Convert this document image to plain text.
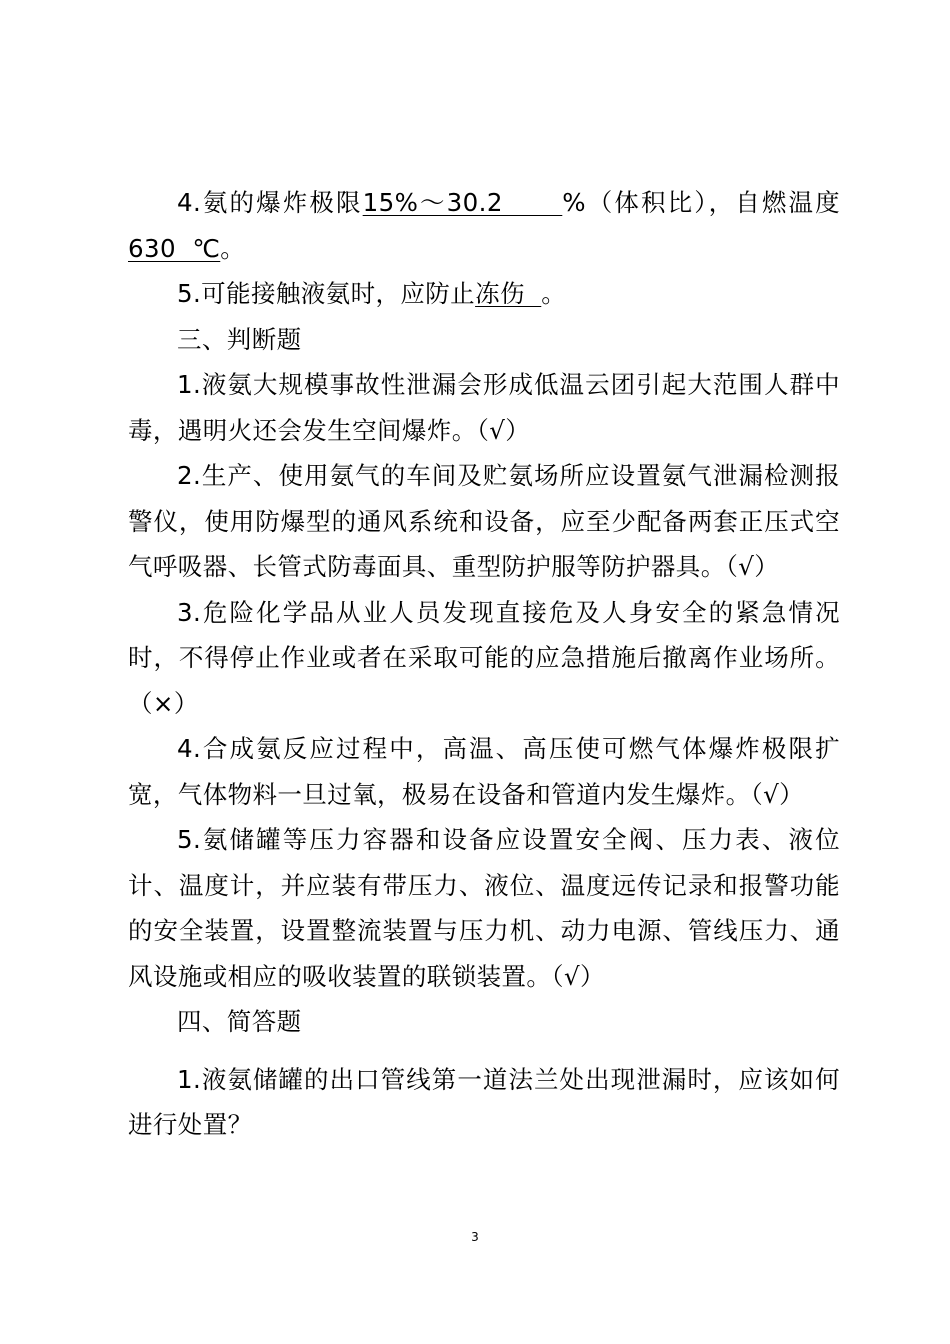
4.氨的爆炸极限15%～30.2      %（体积比），自燃温度630  ℃。

5.可能接触液氨时，应防止冻伤  。

三、判断题

1.液氨大规模事故性泄漏会形成低温云团引起大范围人群中毒，遇明火还会发生空间爆炸。（√）

2.生产、使用氨气的车间及贮氨场所应设置氨气泄漏检测报警仪，使用防爆型的通风系统和设备，应至少配备两套正压式空气呼吸器、长管式防毒面具、重型防护服等防护器具。（√）

3.危险化学品从业人员发现直接危及人身安全的紧急情况时，不得停止作业或者在采取可能的应急措施后撤离作业场所。（×）

4.合成氨反应过程中，高温、高压使可燃气体爆炸极限扩宽，气体物料一旦过氧，极易在设备和管道内发生爆炸。（√）

5.氨储罐等压力容器和设备应设置安全阀、压力表、液位计、温度计，并应装有带压力、液位、温度远传记录和报警功能的安全装置，设置整流装置与压力机、动力电源、管线压力、通风设施或相应的吸收装置的联锁装置。（√）

四、简答题

1.液氨储罐的出口管线第一道法兰处出现泄漏时，应该如何进行处置？

3
